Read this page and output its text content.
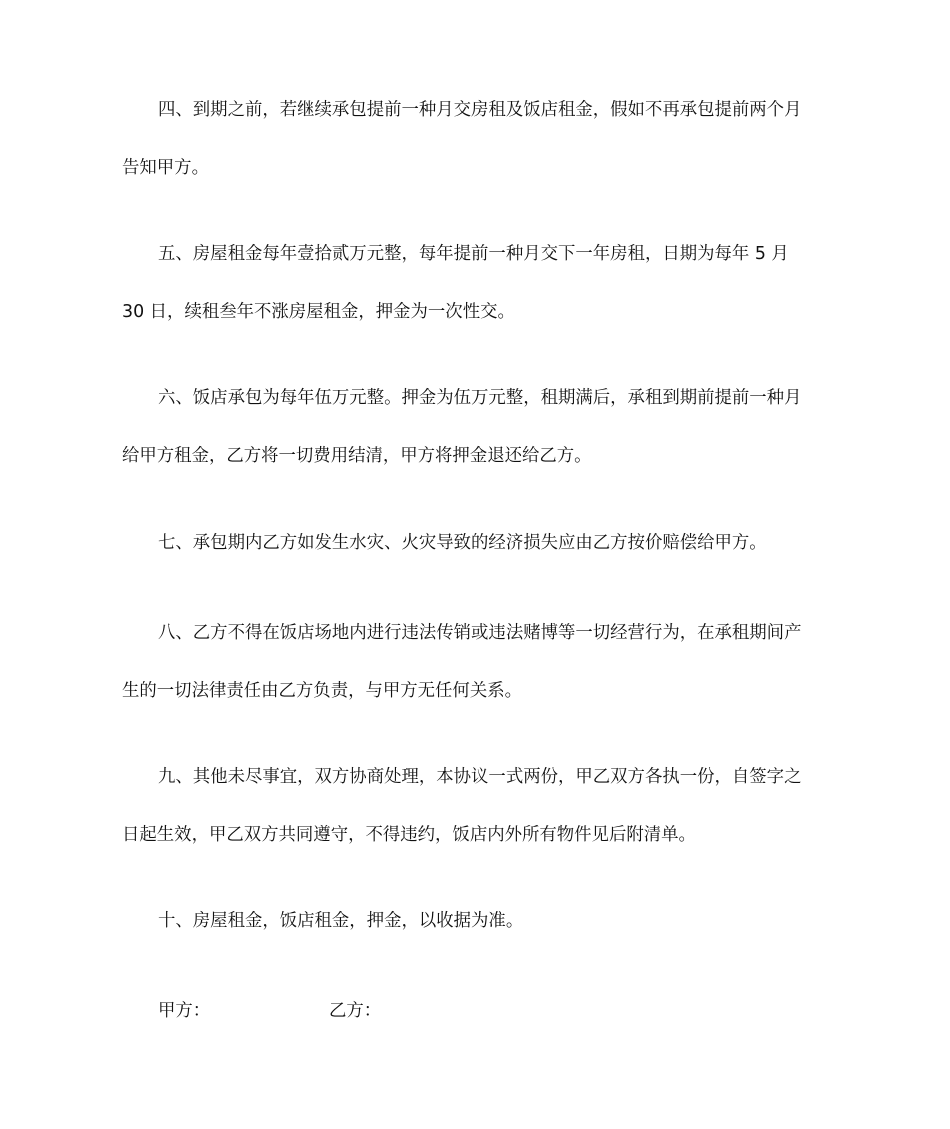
四、到期之前，若继续承包提前一种月交房租及饭店租金，假如不再承包提前两个月
告知甲方。
五、房屋租金每年壹拾贰万元整，每年提前一种月交下一年房租，日期为每年 5 月
30 日，续租叁年不涨房屋租金，押金为一次性交。
六、饭店承包为每年伍万元整。押金为伍万元整，租期满后，承租到期前提前一种月
给甲方租金，乙方将一切费用结清，甲方将押金退还给乙方。
七、承包期内乙方如发生水灾、火灾导致的经济损失应由乙方按价赔偿给甲方。
八、乙方不得在饭店场地内进行违法传销或违法赌博等一切经营行为，在承租期间产
生的一切法律责任由乙方负责，与甲方无任何关系。
九、其他未尽事宜，双方协商处理，本协议一式两份，甲乙双方各执一份，自签字之
日起生效，甲乙双方共同遵守，不得违约，饭店内外所有物件见后附清单。
十、房屋租金，饭店租金，押金，以收据为准。
甲方：	乙方：
